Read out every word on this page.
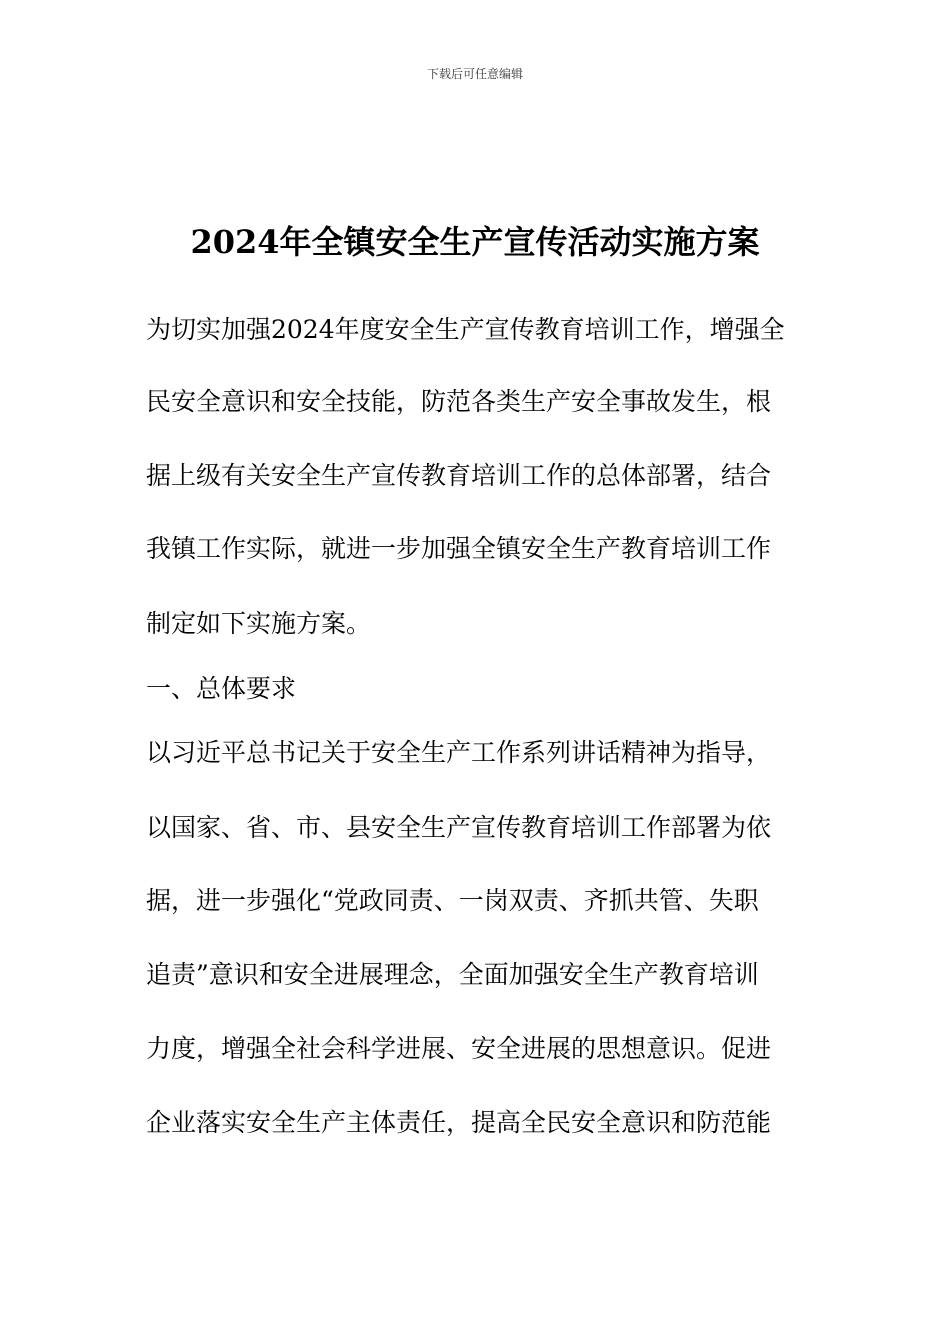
下载后可任意编辑
2024年全镇安全生产宣传活动实施方案
为切实加强2024年度安全生产宣传教育培训工作，增强全
民安全意识和安全技能，防范各类生产安全事故发生，根
据上级有关安全生产宣传教育培训工作的总体部署，结合
我镇工作实际，就进一步加强全镇安全生产教育培训工作
制定如下实施方案。
一、总体要求
以习近平总书记关于安全生产工作系列讲话精神为指导，
以国家、省、市、县安全生产宣传教育培训工作部署为依
据，进一步强化“党政同责、一岗双责、齐抓共管、失职
追责”意识和安全进展理念，全面加强安全生产教育培训
力度，增强全社会科学进展、安全进展的思想意识。促进
企业落实安全生产主体责任，提高全民安全意识和防范能
